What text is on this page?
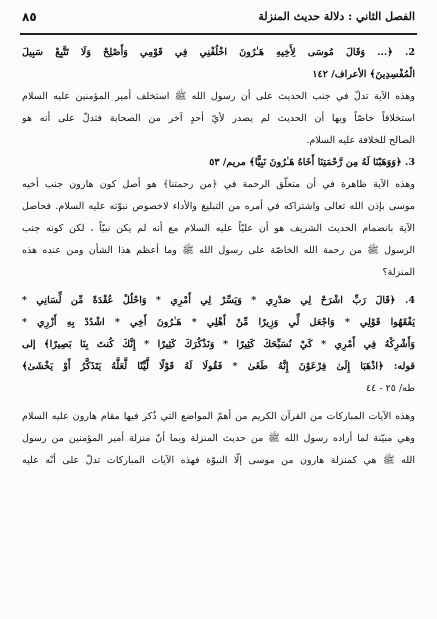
الفصل الثاني : دلالة حديث المنزلة
٨٥
2. ﴿... وَقَالَ مُوسَى لِأَخِيهِ هَـٰرُونَ اخْلُفْنِي فِي قَوْمِي وَأَصْلِحْ وَلَا تَتَّبِعْ سَبِيلَ
الْمُفْسِدِينَ﴾ الأعراف/ ١٤٢
وهذه الآية تدلّ في جنب الحديث على أن رسول الله ﷺ استخلف أمير المؤمنين عليه السلام
استخلافاً خاصّاً وبها أن الحديث لم يصدر لأيّ أحدٍ آخر من الصحابة فتدلّ على أنه هو
الصالح للخلافة عليه السلام.
3. ﴿وَوَهَبْنَا لَهُ مِن رَّحْمَتِنَا أَخَاهُ هَـٰرُونَ نَبِيًّا﴾ مريم/ ٥٣
وهذه الآية ظاهرة في أن متعلّق الرحمة في ﴿من رحمتنا﴾ هو أصل كون هارون جنب أخيه
موسى بإذن الله تعالى واشتراكه في أمره من التبليغ والأداء لاخصوص نبوّته عليه السلام. فحاصل
الآية بانضمام الحديث الشريف هو أن عليّاً عليه السلام مع أنه لم يكن نبيّاً ، لكن كونه جنب
الرسول ﷺ من رحمة الله الخاصّة على رسول الله ﷺ وما أعظم هذا الشأن ومن عنده هذه
المنزلة؟
4. ﴿قَالَ رَبِّ اشْرَحْ لِي صَدْرِي * وَيَسِّرْ لِي أَمْرِي * وَاحْلُلْ عُقْدَةً مِّن لِّسَانِي *
يَفْقَهُوا قَوْلِي * وَاجْعَل لِّي وَزِيرًا مِّنْ أَهْلِي * هَـٰرُونَ أَخِي * اشْدُدْ بِهِ أَزْرِي *
وَأَشْرِكْهُ فِي أَمْرِي * كَيْ نُسَبِّحَكَ كَثِيرًا * وَنَذْكُرَكَ كَثِيرًا * إِنَّكَ كُنتَ بِنَا بَصِيرًا﴾ إلى
قوله: ﴿اذْهَبَا إِلَىٰ فِرْعَوْنَ إِنَّهُ طَغَىٰ * فَقُولَا لَهُ قَوْلًا لَّيِّنًا لَّعَلَّهُ يَتَذَكَّرُ أَوْ يَخْشَىٰ﴾
طه/ ٢٥ - ٤٤
وهذه الآيات المباركات من القرآن الكريم من أهمّ المواضع التي ذُكر فيها مقام هارون عليه السلام
وهي مبيّنة لما أراده رسول الله ﷺ من حديث المنزلة وبما أنّ منزلة أمير المؤمنين من رسول
الله ﷺ هي كمنزلة هارون من موسى إلّا النبوّة فهذه الآيات المباركات تدلّ على أنّه عليه
